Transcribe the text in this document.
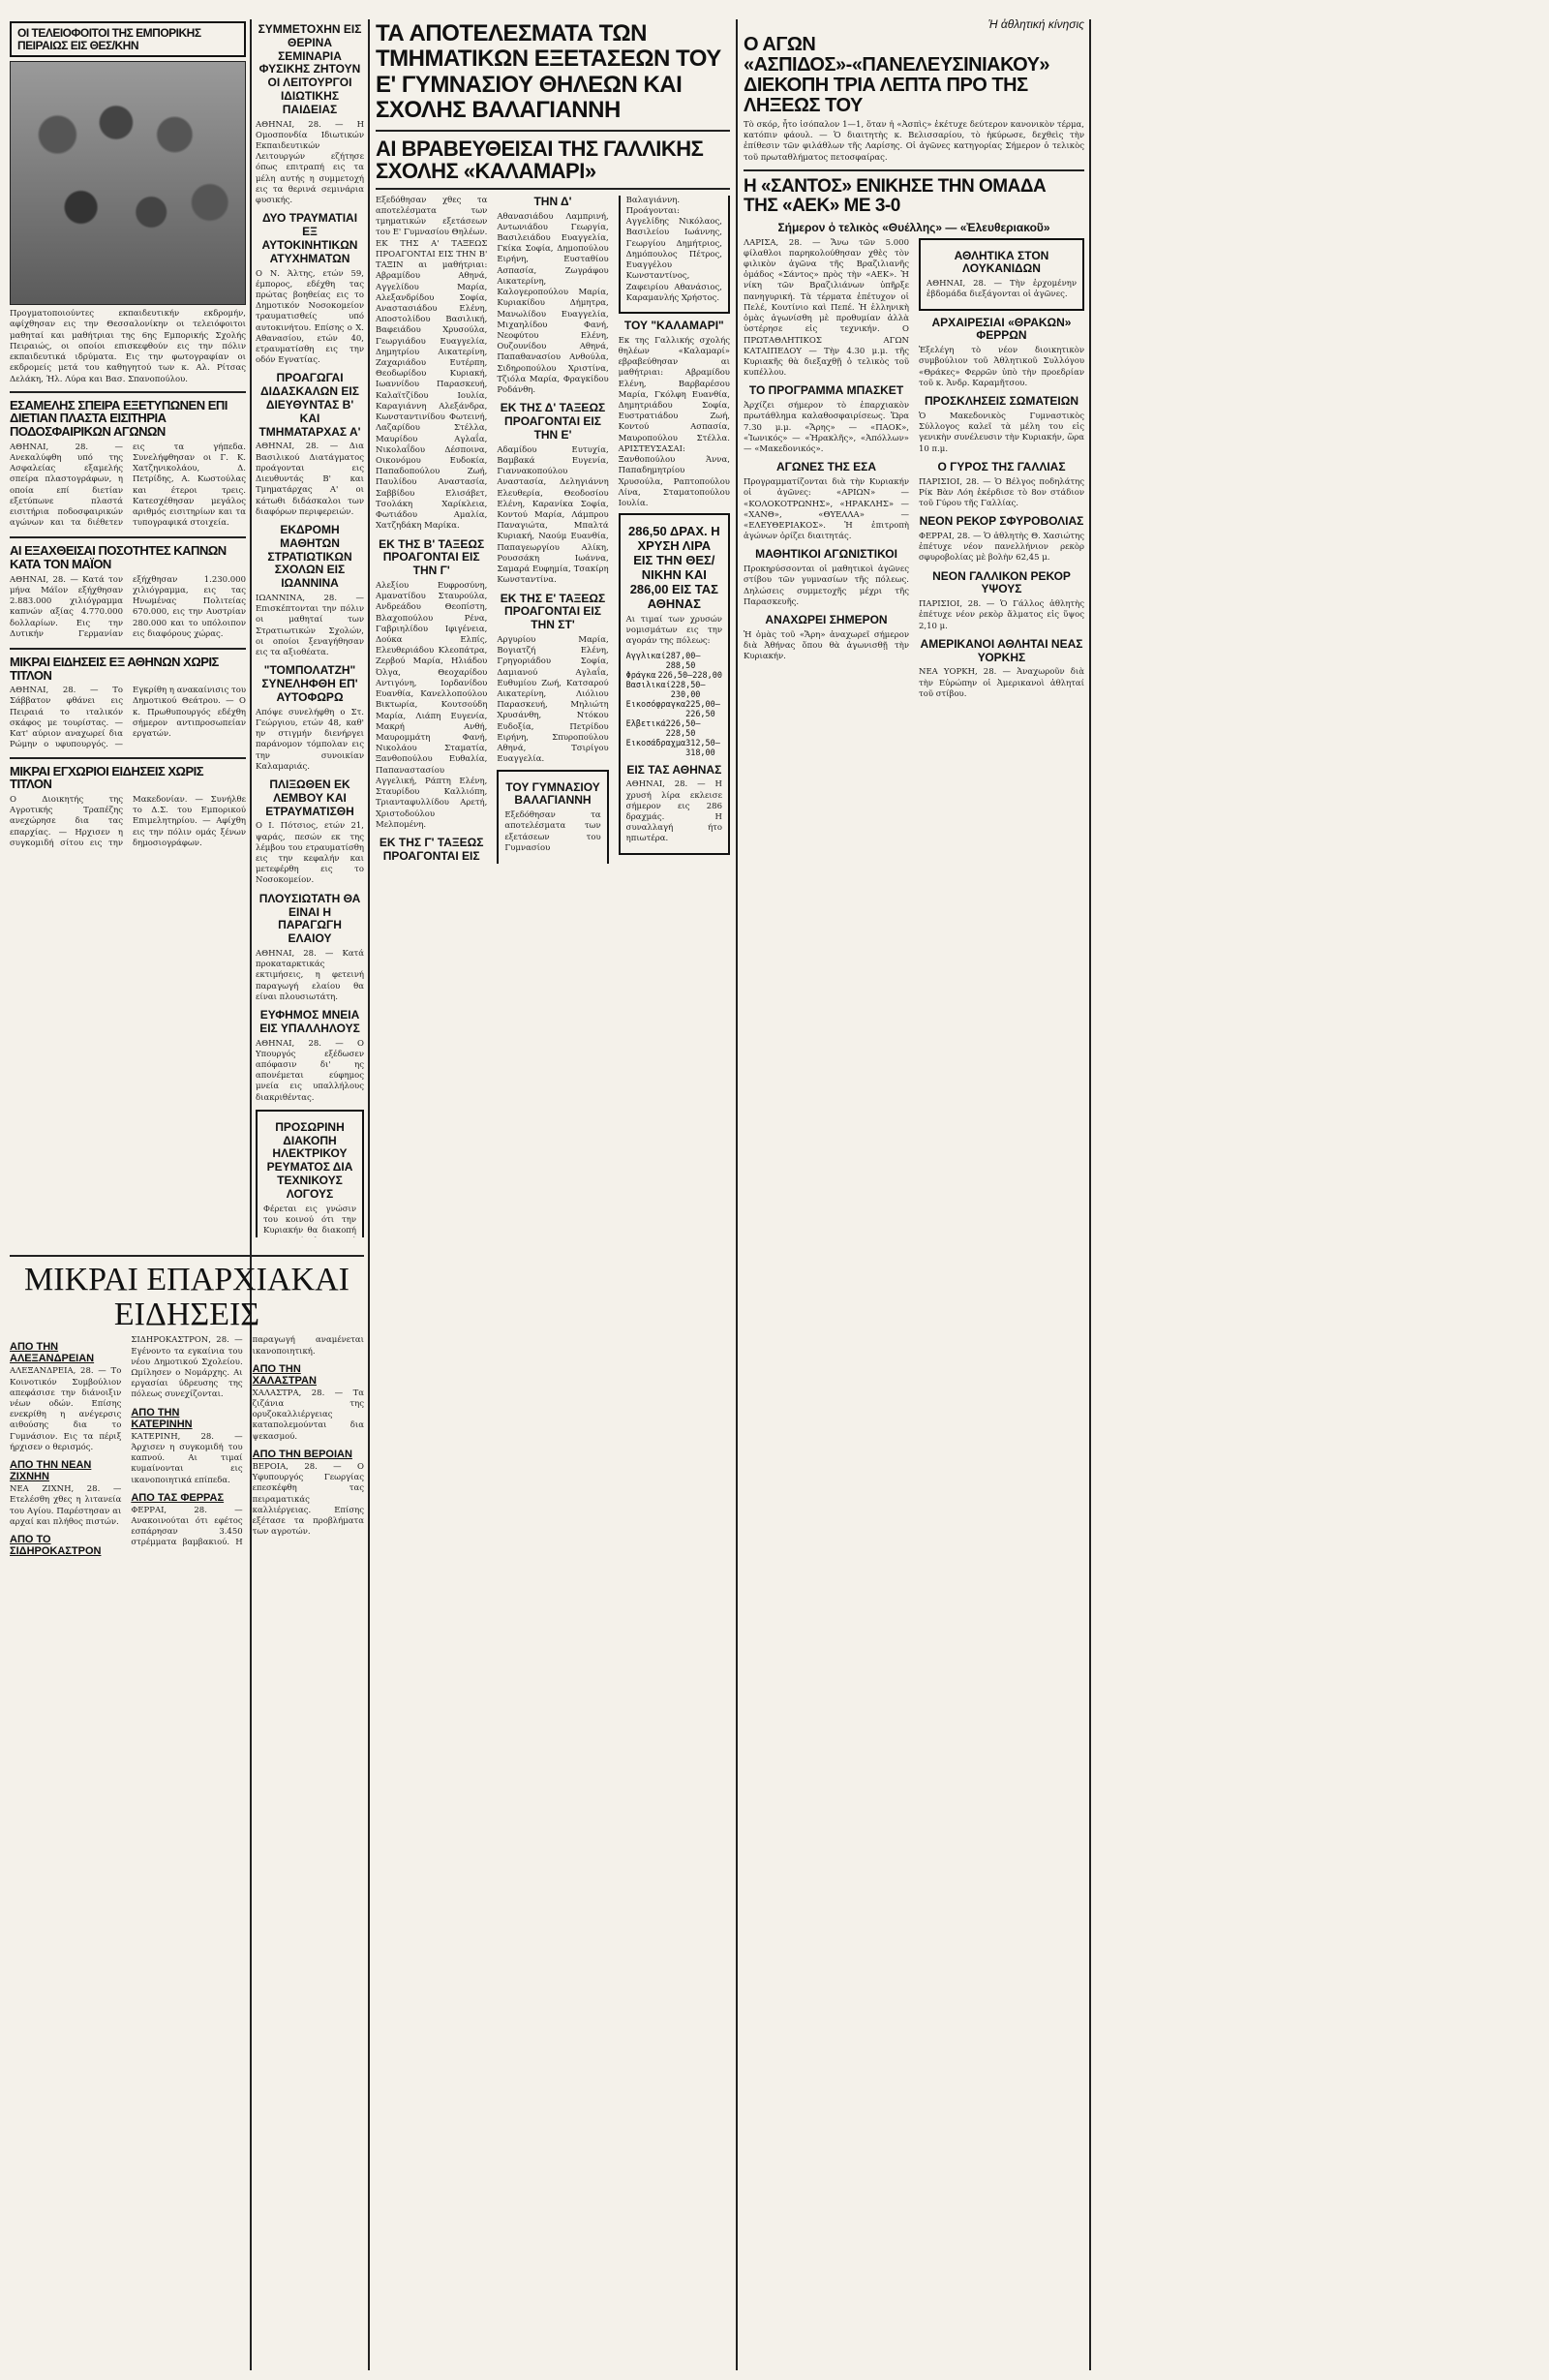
ΟΙ ΤΕΛΕΙΟΦΟΙΤΟΙ ΤΗΣ ΕΜΠΟΡΙΚΗΣ ΠΕΙΡΑΙΩΣ ΕΙΣ ΘΕΣ/ΚΗΝ

Προγματοποιούντες εκπαιδευτικήν εκδρομήν, αφίχθησαν εις την Θεσσαλονίκην οι τελειόφοιτοι μαθηταί και μαθήτριαι της 6ης Εμπορικής Σχολής Πειραιώς, οι οποίοι επισκεφθούν εις την πόλιν εκπαιδευτικά ιδρύματα. Εις την φωτογραφίαν οι εκδρομείς μετά του καθηγητού των κ. Αλ. Ρίτσας Δελάκη, Ήλ. Λύρα και Βασ. Σπανοπούλου.

ΕΣΑΜΕΛΗΣ ΣΠΕΙΡΑ ΕΞΕΤΥΠΩΝΕΝ ΕΠΙ ΔΙΕΤΙΑΝ ΠΛΑΣΤΑ ΕΙΣΙΤΗΡΙΑ ΠΟΔΟΣΦΑΙΡΙΚΩΝ ΑΓΩΝΩΝ

ΑΘΗΝΑΙ, 28. — Ανεκαλύφθη υπό της Ασφαλείας εξαμελής σπείρα πλαστογράφων, η οποία επί διετίαν εξετύπωνε πλαστά εισιτήρια ποδοσφαιρικών αγώνων και τα διέθετεν εις τα γήπεδα. Συνελήφθησαν οι Γ. Κ. Χατζηνικολάου, Δ. Πετρίδης, Α. Κωστούλας και έτεροι τρεις. Κατεσχέθησαν μεγάλος αριθμός εισιτηρίων και τα τυπογραφικά στοιχεία.

ΑΙ ΕΞΑΧΘΕΙΣΑΙ ΠΟΣΟΤΗΤΕΣ ΚΑΠΝΩΝ ΚΑΤΑ ΤΟΝ ΜΑΪΟΝ

ΑΘΗΝΑΙ, 28. — Κατά τον μήνα Μάϊον εξήχθησαν 2.883.000 χιλιόγραμμα καπνών αξίας 4.770.000 δολλαρίων. Εις την Δυτικήν Γερμανίαν εξήχθησαν 1.230.000 χιλιόγραμμα, εις τας Ηνωμένας Πολιτείας 670.000, εις την Αυστρίαν 280.000 και το υπόλοιπον εις διαφόρους χώρας.

ΜΙΚΡΑΙ ΕΙΔΗΣΕΙΣ ΕΞ ΑΘΗΝΩΝ ΧΩΡΙΣ ΤΙΤΛΟΝ

ΑΘΗΝΑΙ, 28. — Το Σάββατον φθάνει εις Πειραιά το ιταλικόν σκάφος με τουρίστας. — Κατ' αύριον αναχωρεί δια Ρώμην ο υφυπουργός. — Εγκρίθη η ανακαίνισις του Δημοτικού Θεάτρου. — Ο κ. Πρωθυπουργός εδέχθη σήμερον αντιπροσωπείαν εργατών.

ΜΙΚΡΑΙ ΕΓΧΩΡΙΟΙ ΕΙΔΗΣΕΙΣ ΧΩΡΙΣ ΤΙΤΛΟΝ

Ο Διοικητής της Αγροτικής Τραπέζης ανεχώρησε δια τας επαρχίας. — Ηρχισεν η συγκομιδή σίτου εις την Μακεδονίαν. — Συνήλθε το Δ.Σ. του Εμπορικού Επιμελητηρίου. — Αφίχθη εις την πόλιν ομάς ξένων δημοσιογράφων.

ΣΥΜΜΕΤΟΧΗΝ ΕΙΣ ΘΕΡΙΝΑ ΣΕΜΙΝΑΡΙΑ ΦΥΣΙΚΗΣ ΖΗΤΟΥΝ ΟΙ ΛΕΙΤΟΥΡΓΟΙ ΙΔΙΩΤΙΚΗΣ ΠΑΙΔΕΙΑΣ

ΑΘΗΝΑΙ, 28. — Η Ομοσπονδία Ιδιωτικών Εκπαιδευτικών Λειτουργών εζήτησε όπως επιτραπή εις τα μέλη αυτής η συμμετοχή εις τα θερινά σεμινάρια φυσικής.

ΔΥΟ ΤΡΑΥΜΑΤΙΑΙ ΕΞ ΑΥΤΟΚΙΝΗΤΙΚΩΝ ΑΤΥΧΗΜΑΤΩΝ

Ο Ν. Άλτης, ετών 59, έμπορος, εδέχθη τας πρώτας βοηθείας εις το Δημοτικόν Νοσοκομείον τραυματισθείς υπό αυτοκινήτου. Επίσης ο Χ. Αθανασίου, ετών 40, ετραυματίσθη εις την οδόν Εγνατίας.

ΠΡΟΑΓΩΓΑΙ ΔΙΔΑΣΚΑΛΩΝ ΕΙΣ ΔΙΕΥΘΥΝΤΑΣ Β' ΚΑΙ ΤΜΗΜΑΤΑΡΧΑΣ Α'

ΑΘΗΝΑΙ, 28. — Δια Βασιλικού Διατάγματος προάγονται εις Διευθυντάς Β' και Τμηματάρχας Α' οι κάτωθι διδάσκαλοι των διαφόρων περιφερειών.

ΕΚΔΡΟΜΗ ΜΑΘΗΤΩΝ ΣΤΡΑΤΙΩΤΙΚΩΝ ΣΧΟΛΩΝ ΕΙΣ ΙΩΑΝΝΙΝΑ

ΙΩΑΝΝΙΝΑ, 28. — Επισκέπτονται την πόλιν οι μαθηταί των Στρατιωτικών Σχολών, οι οποίοι ξεναγήθησαν εις τα αξιοθέατα.

"ΤΟΜΠΟΛΑΤΖΗ" ΣΥΝΕΛΗΦΘΗ ΕΠ' ΑΥΤΟΦΩΡΩ

Απόψε συνελήφθη ο Στ. Γεώργιου, ετών 48, καθ' ην στιγμήν διενήργει παράνομον τόμπολαν εις την συνοικίαν Καλαμαριάς.

ΠΛΙΞΩΘΕΝ ΕΚ ΛΕΜΒΟΥ ΚΑΙ ΕΤΡΑΥΜΑΤΙΣΘΗ

Ο Ι. Πότσιος, ετών 21, ψαράς, πεσών εκ της λέμβου του ετραυματίσθη εις την κεφαλήν και μετεφέρθη εις το Νοσοκομείον.

ΠΛΟΥΣΙΩΤΑΤΗ ΘΑ ΕΙΝΑΙ Η ΠΑΡΑΓΩΓΗ ΕΛΑΙΟΥ

ΑΘΗΝΑΙ, 28. — Κατά προκαταρκτικάς εκτιμήσεις, η φετεινή παραγωγή ελαίου θα είναι πλουσιωτάτη.

ΕΥΦΗΜΟΣ ΜΝΕΙΑ ΕΙΣ ΥΠΑΛΛΗΛΟΥΣ

ΑΘΗΝΑΙ, 28. — Ο Υπουργός εξέδωσεν απόφασιν δι' ης απονέμεται εύφημος μνεία εις υπαλλήλους διακριθέντας.

ΠΡΟΣΩΡΙΝΗ ΔΙΑΚΟΠΗ ΗΛΕΚΤΡΙΚΟΥ ΡΕΥΜΑΤΟΣ ΔΙΑ ΤΕΧΝΙΚΟΥΣ ΛΟΓΟΥΣ

Φέρεται εις γνώσιν του κοινού ότι την Κυριακήν θα διακοπή

ΜΙΚΡΑΙ ΕΠΑΡΧΙΑΚΑΙ ΕΙΔΗΣΕΙΣ
ΑΠΟ ΤΗΝ ΑΛΕΞΑΝΔΡΕΙΑΝ

ΑΛΕΞΑΝΔΡΕΙΑ, 28. — Το Κοινοτικόν Συμβούλιον απεφάσισε την διάνοιξιν νέων οδών. Επίσης ενεκρίθη η ανέγερσις αιθούσης δια το Γυμνάσιον. Εις τα πέριξ ήρχισεν ο θερισμός.

ΑΠΟ ΤΗΝ ΝΕΑΝ ΖΙΧΝΗΝ

ΝΕΑ ΖΙΧΝΗ, 28. — Ετελέσθη χθες η λιτανεία του Αγίου. Παρέστησαν αι αρχαί και πλήθος πιστών.

ΑΠΟ ΤΟ ΣΙΔΗΡΟΚΑΣΤΡΟΝ

ΣΙΔΗΡΟΚΑΣΤΡΟΝ, 28. — Εγένοντο τα εγκαίνια του νέου Δημοτικού Σχολείου. Ωμίλησεν ο Νομάρχης. Αι εργασίαι ύδρευσης της πόλεως συνεχίζονται.

ΑΠΟ ΤΗΝ ΚΑΤΕΡΙΝΗΝ

ΚΑΤΕΡΙΝΗ, 28. — Άρχισεν η συγκομιδή του καπνού. Αι τιμαί κυμαίνονται εις ικανοποιητικά επίπεδα.

ΑΠΟ ΤΑΣ ΦΕΡΡΑΣ

ΦΕΡΡΑΙ, 28. — Ανακοινούται ότι εφέτος εσπάρησαν 3.450 στρέμματα βαμβακιού. Η παραγωγή αναμένεται ικανοποιητική.

ΑΠΟ ΤΗΝ ΧΑΛΑΣΤΡΑΝ

ΧΑΛΑΣΤΡΑ, 28. — Τα ζιζάνια της ορυζοκαλλιέργειας καταπολεμούνται δια ψεκασμού.

ΑΠΟ ΤΗΝ ΒΕΡΟΙΑΝ

ΒΕΡΟΙΑ, 28. — Ο Υφυπουργός Γεωργίας επεσκέφθη τας πειραματικάς καλλιέργειας. Επίσης εξέτασε τα προβλήματα των αγροτών.

ΤΑ ΑΠΟΤΕΛΕΣΜΑΤΑ ΤΩΝ ΤΜΗΜΑΤΙΚΩΝ ΕΞΕΤΑΣΕΩΝ ΤΟΥ Ε' ΓΥΜΝΑΣΙΟΥ ΘΗΛΕΩΝ ΚΑΙ ΣΧΟΛΗΣ ΒΑΛΑΓΙΑΝΝΗ
ΑΙ ΒΡΑΒΕΥΘΕΙΣΑΙ ΤΗΣ ΓΑΛΛΙΚΗΣ ΣΧΟΛΗΣ «ΚΑΛΑΜΑΡΙ»

Εξεδόθησαν χθες τα αποτελέσματα των τμηματικών εξετάσεων του Ε' Γυμνασίου Θηλέων. ΕΚ ΤΗΣ Α' ΤΑΞΕΩΣ ΠΡΟΑΓΟΝΤΑΙ ΕΙΣ ΤΗΝ Β' ΤΑΞΙΝ αι μαθήτριαι: Αβραμίδου Αθηνά, Αγγελίδου Μαρία, Αλεξανδρίδου Σοφία, Αναστασιάδου Ελένη, Αποστολίδου Βασιλική, Βαφειάδου Χρυσούλα, Γεωργιάδου Ευαγγελία, Δημητρίου Αικατερίνη, Ζαχαριάδου Ευτέρπη, Θεοδωρίδου Κυριακή, Ιωαννίδου Παρασκευή, Καλαϊτζίδου Ιουλία, Καραγιάννη Αλεξάνδρα, Κωνσταντινίδου Φωτεινή, Λαζαρίδου Στέλλα, Μαυρίδου Αγλαΐα, Νικολαΐδου Δέσποινα, Οικονόμου Ευδοκία, Παπαδοπούλου Ζωή, Παυλίδου Αναστασία, Σαββίδου Ελισάβετ, Τσολάκη Χαρίκλεια, Φωτιάδου Αμαλία, Χατζηδάκη Μαρίκα.

ΕΚ ΤΗΣ Β' ΤΑΞΕΩΣ ΠΡΟΑΓΟΝΤΑΙ ΕΙΣ ΤΗΝ Γ'

Αλεξίου Ευφροσύνη, Αμανατίδου Σταυρούλα, Ανδρεάδου Θεοπίστη, Βλαχοπούλου Ρένα, Γαβριηλίδου Ιφιγένεια, Δούκα Ελπίς, Ελευθεριάδου Κλεοπάτρα, Ζερβού Μαρία, Ηλιάδου Όλγα, Θεοχαρίδου Αντιγόνη, Ιορδανίδου Ευανθία, Κανελλοπούλου Βικτωρία, Κουτσούδη Μαρία, Λιάπη Ευγενία, Μακρή Ανθή, Μαυρομμάτη Φανή, Νικολάου Σταματία, Ξανθοπούλου Ευθαλία, Παπαναστασίου Αγγελική, Ράπτη Ελένη, Σταυρίδου Καλλιόπη, Τριανταφυλλίδου Αρετή, Χριστοδούλου Μελπομένη.

ΕΚ ΤΗΣ Γ' ΤΑΞΕΩΣ ΠΡΟΑΓΟΝΤΑΙ ΕΙΣ ΤΗΝ Δ'

Αθανασιάδου Λαμπρινή, Αντωνιάδου Γεωργία, Βασιλειάδου Ευαγγελία, Γκίκα Σοφία, Δημοπούλου Ειρήνη, Ευσταθίου Ασπασία, Ζωγράφου Αικατερίνη, Καλογεροπούλου Μαρία, Κυριακίδου Δήμητρα, Μανωλίδου Ευαγγελία, Μιχαηλίδου Φανή, Νεοφύτου Ελένη, Ουζουνίδου Αθηνά, Παπαθανασίου Ανθούλα, Σιδηροπούλου Χριστίνα, Τζιόλα Μαρία, Φραγκίδου Ροδάνθη.

ΕΚ ΤΗΣ Δ' ΤΑΞΕΩΣ ΠΡΟΑΓΟΝΤΑΙ ΕΙΣ ΤΗΝ Ε'

Αδαμίδου Ευτυχία, Βαμβακά Ευγενία, Γιαννακοπούλου Αναστασία, Δεληγιάννη Ελευθερία, Θεοδοσίου Ελένη, Καρανίκα Σοφία, Κοντού Μαρία, Λάμπρου Παναγιώτα, Μπαλτά Κυριακή, Ναούμ Ευανθία, Παπαγεωργίου Αλίκη, Ρουσσάκη Ιωάννα, Σαμαρά Ευφημία, Τσακίρη Κωνσταντίνα.

ΕΚ ΤΗΣ Ε' ΤΑΞΕΩΣ ΠΡΟΑΓΟΝΤΑΙ ΕΙΣ ΤΗΝ ΣΤ'

Αργυρίου Μαρία, Βογιατζή Ελένη, Γρηγοριάδου Σοφία, Δαμιανού Αγλαΐα, Ευθυμίου Ζωή, Κατσαρού Αικατερίνη, Λιόλιου Παρασκευή, Μηλιώτη Χρυσάνθη, Ντόκου Ευδοξία, Πετρίδου Ειρήνη, Σπυροπούλου Αθηνά, Τσιρίγου Ευαγγελία.

ΤΟΥ ΓΥΜΝΑΣΙΟΥ ΒΑΛΑΓΙΑΝΝΗ

Εξεδόθησαν τα αποτελέσματα των εξετάσεων του Γυμνασίου Βαλαγιάννη. Προάγονται: Αγγελίδης Νικόλαος, Βασιλείου Ιωάννης, Γεωργίου Δημήτριος, Δημόπουλος Πέτρος, Ευαγγέλου Κωνσταντίνος, Ζαφειρίου Αθανάσιος, Καραμανλής Χρήστος.

ΤΟΥ "ΚΑΛΑΜΑΡΙ"

Εκ της Γαλλικής σχολής θηλέων «Καλαμαρί» εβραβεύθησαν αι μαθήτριαι: Αβραμίδου Ελένη, Βαρβαρέσου Μαρία, Γκόλφη Ευανθία, Δημητριάδου Σοφία, Ευστρατιάδου Ζωή, Κοντού Ασπασία, Μαυροπούλου Στέλλα. ΑΡΙΣΤΕΥΣΑΣΑΙ: Ξανθοπούλου Άννα, Παπαδημητρίου Χρυσούλα, Ραπτοπούλου Λίνα, Σταματοπούλου Ιουλία.

286,50 ΔΡΑΧ. Η ΧΡΥΣΗ ΛΙΡΑ ΕΙΣ ΤΗΝ ΘΕΣ/ΝΙΚΗΝ ΚΑΙ 286,00 ΕΙΣ ΤΑΣ ΑΘΗΝΑΣ

Αι τιμαί των χρυσών νομισμάτων εις την αγοράν της πόλεως:

Αγγλικαί 287,00—288,50
Φράγκα 226,50—228,00
Βασιλικαί 228,50—230,00
Εικοσόφραγκα 225,00—226,50
Ελβετικά 226,50—228,50
Εικοσάδραχμα 312,50—318,00
ΕΙΣ ΤΑΣ ΑΘΗΝΑΣ

ΑΘΗΝΑΙ, 28. — Η χρυσή λίρα εκλεισε σήμερον εις 286 δραχμάς. Η συναλλαγή ήτο ηπιωτέρα.

Ἡ ἀθλητική κίνησις
Ο ΑΓΩΝ «ΑΣΠΙΔΟΣ»-«ΠΑΝΕΛΕΥΣΙΝΙΑΚΟΥ» ΔΙΕΚΟΠΗ ΤΡΙΑ ΛΕΠΤΑ ΠΡΟ ΤΗΣ ΛΗΞΕΩΣ ΤΟΥ

Τὸ σκόρ, ἦτο ἰσόπαλον 1—1, ὅταν ἡ «Ἀσπὶς» ἐκέτυχε δεύτερον κανονικὸν τέρμα, κατόπιν φάουλ. — Ὁ διαιτητὴς κ. Βελισσαρίου, τὸ ἠκύρωσε, δεχθεὶς τὴν ἐπίθεσιν τῶν φιλάθλων τῆς Λαρίσης. Οἱ ἀγῶνες κατηγορίας Σήμερον ὁ τελικὸς τοῦ πρωταθλήματος πετοσφαίρας.

Η «ΣΑΝΤΟΣ» ΕΝΙΚΗΣΕ ΤΗΝ ΟΜΑΔΑ ΤΗΣ «ΑΕΚ» ΜΕ 3-0
Σήμερον ὁ τελικὸς «Θυέλλης» — «Ἐλευθεριακοῦ»

ΛΑΡΙΣΑ, 28. — Ἄνω τῶν 5.000 φίλαθλοι παρηκολούθησαν χθὲς τὸν φιλικὸν ἀγῶνα τῆς Βραζιλιανῆς ὁμάδος «Σάντος» πρὸς τὴν «ΑΕΚ». Ἡ νίκη τῶν Βραζιλιάνων ὑπῆρξε πανηγυρική. Τὰ τέρματα ἐπέτυχον οἱ Πελέ, Κουτίνιο καὶ Πεπέ. Ἡ ἑλληνικὴ ὁμὰς ἀγωνίσθη μὲ προθυμίαν ἀλλὰ ὑστέρησε εἰς τεχνικήν. Ο ΠΡΩΤΑΘΛΗΤΙΚΟΣ ΑΓΩΝ ΚΑΤΑΙΠΕΔΟΥ — Τὴν 4.30 μ.μ. τῆς Κυριακῆς θὰ διεξαχθῇ ὁ τελικὸς τοῦ κυπέλλου.

ΤΟ ΠΡΟΓΡΑΜΜΑ ΜΠΑΣΚΕΤ

Ἀρχίζει σήμερον τὸ ἐπαρχιακὸν πρωτάθλημα καλαθοσφαιρίσεως. Ὥρα 7.30 μ.μ. «Ἄρης» — «ΠΑΟΚ», «Ἰωνικός» — «Ἠρακλῆς», «Ἀπόλλων» — «Μακεδονικός».

ΑΓΩΝΕΣ ΤΗΣ ΕΣΑ

Προγραμματίζονται διὰ τὴν Κυριακήν οἱ ἀγῶνες: «ΑΡΙΩΝ» — «ΚΟΛΟΚΟΤΡΩΝΗΣ», «ΗΡΑΚΛΗΣ» — «ΧΑΝΘ», «ΘΥΕΛΛΑ» — «ΕΛΕΥΘΕΡΙΑΚΟΣ». Ἡ ἐπιτροπὴ ἀγώνων ὁρίζει διαιτητάς.

ΜΑΘΗΤΙΚΟΙ ΑΓΩΝΙΣΤΙΚΟΙ

Προκηρύσσονται οἱ μαθητικοὶ ἀγῶνες στίβου τῶν γυμνασίων τῆς πόλεως. Δηλώσεις συμμετοχῆς μέχρι τῆς Παρασκευῆς.

ΑΝΑΧΩΡΕΙ ΣΗΜΕΡΟΝ

Ἡ ὁμὰς τοῦ «Ἄρη» ἀναχωρεῖ σήμερον διὰ Ἀθήνας ὅπου θὰ ἀγωνισθῇ τὴν Κυριακήν.

ΑΘΛΗΤΙΚΑ ΣΤΟΝ ΛΟΥΚΑΝΙΔΩΝ

ΑΘΗΝΑΙ, 28. — Τὴν ἐρχομένην ἑβδομάδα διεξάγονται οἱ ἀγῶνες.

ΑΡΧΑΙΡΕΣΙΑΙ «ΘΡΑΚΩΝ» ΦΕΡΡΩΝ

Ἐξελέγη τὸ νέον διοικητικὸν συμβούλιον τοῦ Ἀθλητικοῦ Συλλόγου «Θράκες» Φερρῶν ὑπὸ τὴν προεδρίαν τοῦ κ. Ἀνδρ. Καραμῆτσου.

ΠΡΟΣΚΛΗΣΕΙΣ ΣΩΜΑΤΕΙΩΝ

Ὁ Μακεδονικὸς Γυμναστικὸς Σύλλογος καλεῖ τὰ μέλη του εἰς γενικὴν συνέλευσιν τὴν Κυριακήν, ὥρα 10 π.μ.

Ο ΓΥΡΟΣ ΤΗΣ ΓΑΛΛΙΑΣ

ΠΑΡΙΣΙΟΙ, 28. — Ὁ Βέλγος ποδηλάτης Ρίκ Βὰν Λόη ἐκέρδισε τὸ 8ον στάδιον τοῦ Γύρου τῆς Γαλλίας.

ΝΕΟΝ ΡΕΚΟΡ ΣΦΥΡΟΒΟΛΙΑΣ

ΦΕΡΡΑΙ, 28. — Ὁ ἀθλητὴς Θ. Χασιώτης ἐπέτυχε νέον πανελλήνιον ρεκὸρ σφυροβολίας μὲ βολὴν 62,45 μ.

ΝΕΟΝ ΓΑΛΛΙΚΟΝ ΡΕΚΟΡ ΥΨΟΥΣ

ΠΑΡΙΣΙΟΙ, 28. — Ὁ Γάλλος ἀθλητὴς ἐπέτυχε νέον ρεκὸρ ἅλματος εἰς ὕψος 2,10 μ.

ΑΜΕΡΙΚΑΝΟΙ ΑΘΛΗΤΑΙ ΝΕΑΣ ΥΟΡΚΗΣ

ΝΕΑ ΥΟΡΚΗ, 28. — Ἀναχωροῦν διὰ τὴν Εὐρώπην οἱ Ἀμερικανοὶ ἀθληταί τοῦ στίβου.
